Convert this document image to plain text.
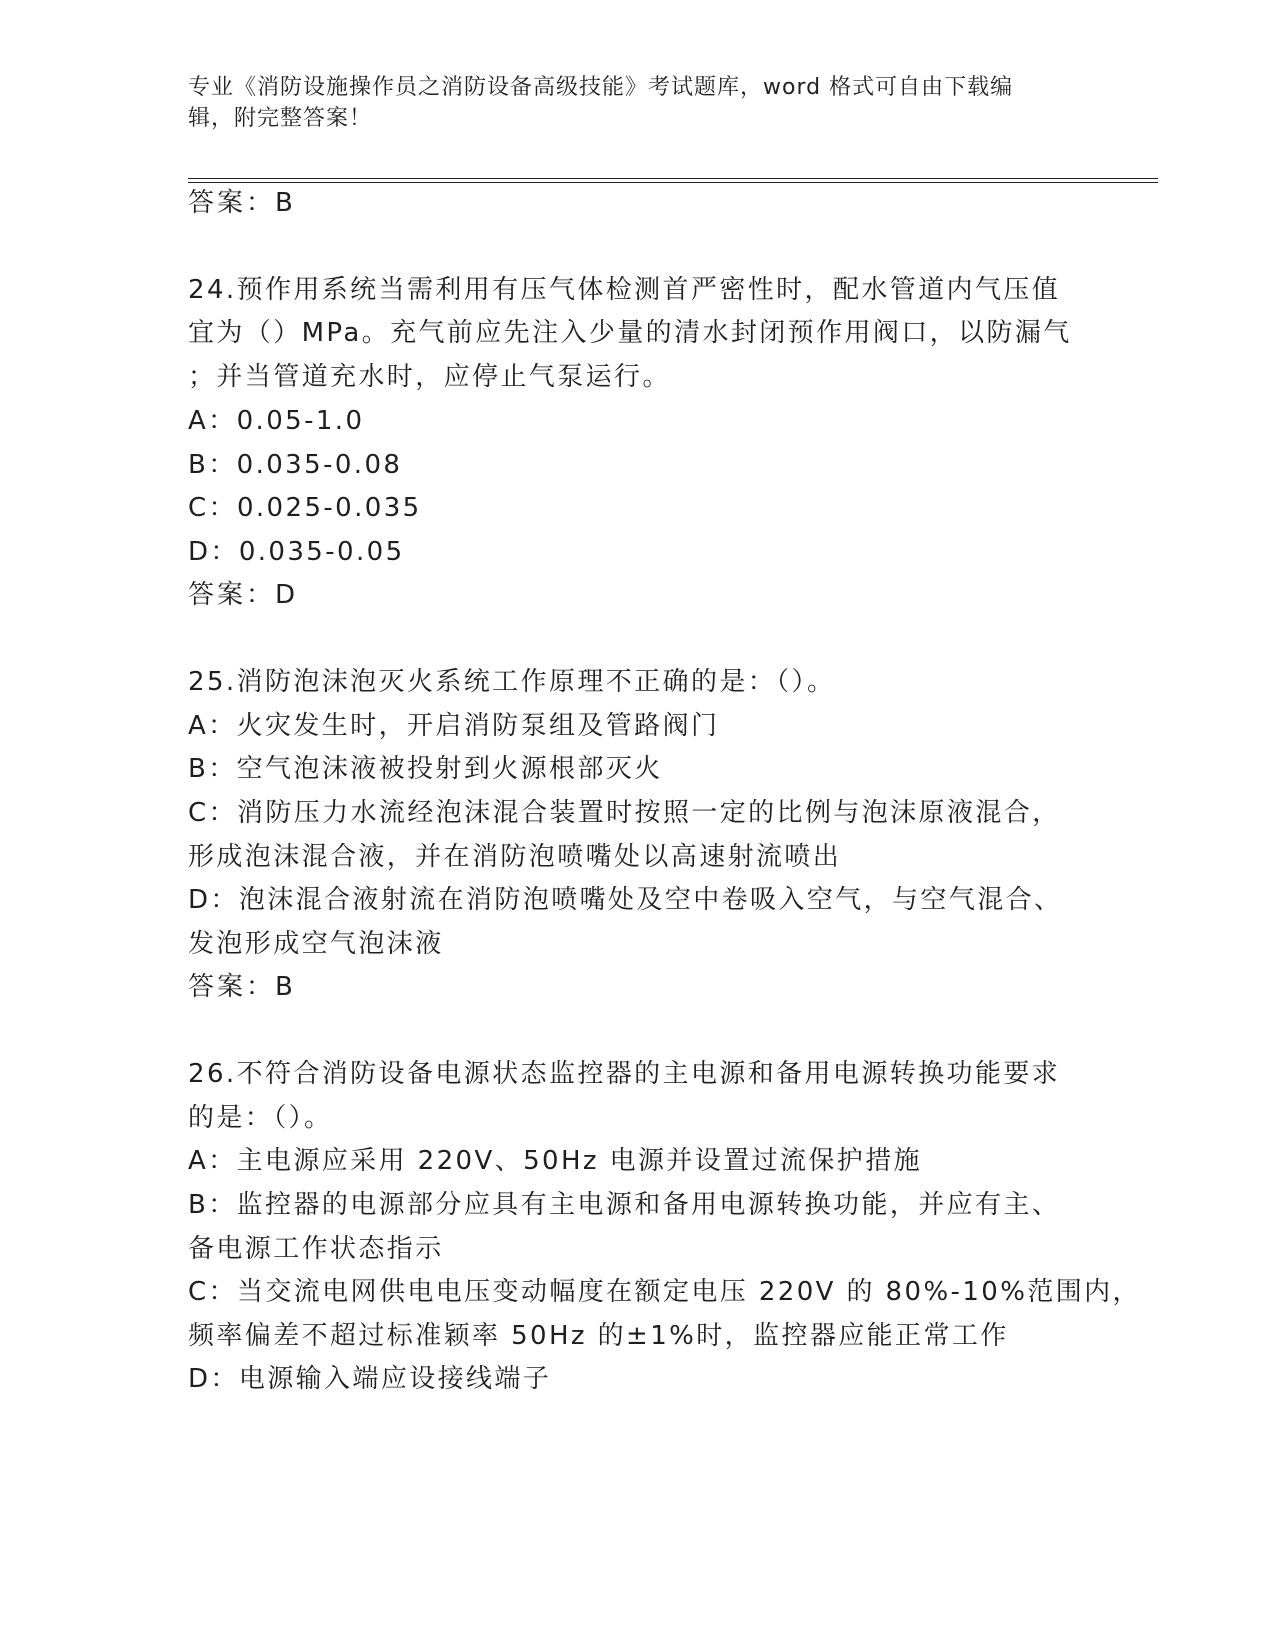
专业《消防设施操作员之消防设备高级技能》考试题库，word 格式可自由下载编
辑，附完整答案！
答案：B
24.预作用系统当需利用有压气体检测首严密性时，配水管道内气压值
宜为（）MPa。充气前应先注入少量的清水封闭预作用阀口，以防漏气
；并当管道充水时，应停止气泵运行。
A：0.05-1.0
B：0.035-0.08
C：0.025-0.035
D：0.035-0.05
答案：D
25.消防泡沫泡灭火系统工作原理不正确的是：（）。
A：火灾发生时，开启消防泵组及管路阀门
B：空气泡沫液被投射到火源根部灭火
C：消防压力水流经泡沫混合装置时按照一定的比例与泡沫原液混合，
形成泡沫混合液，并在消防泡喷嘴处以高速射流喷出
D：泡沫混合液射流在消防泡喷嘴处及空中卷吸入空气，与空气混合、
发泡形成空气泡沫液
答案：B
26.不符合消防设备电源状态监控器的主电源和备用电源转换功能要求
的是：（）。
A：主电源应采用 220V、50Hz 电源并设置过流保护措施
B：监控器的电源部分应具有主电源和备用电源转换功能，并应有主、
备电源工作状态指示
C：当交流电网供电电压变动幅度在额定电压 220V 的 80%-10%范围内，
频率偏差不超过标准颖率 50Hz 的±1%时，监控器应能正常工作
D：电源输入端应设接线端子
